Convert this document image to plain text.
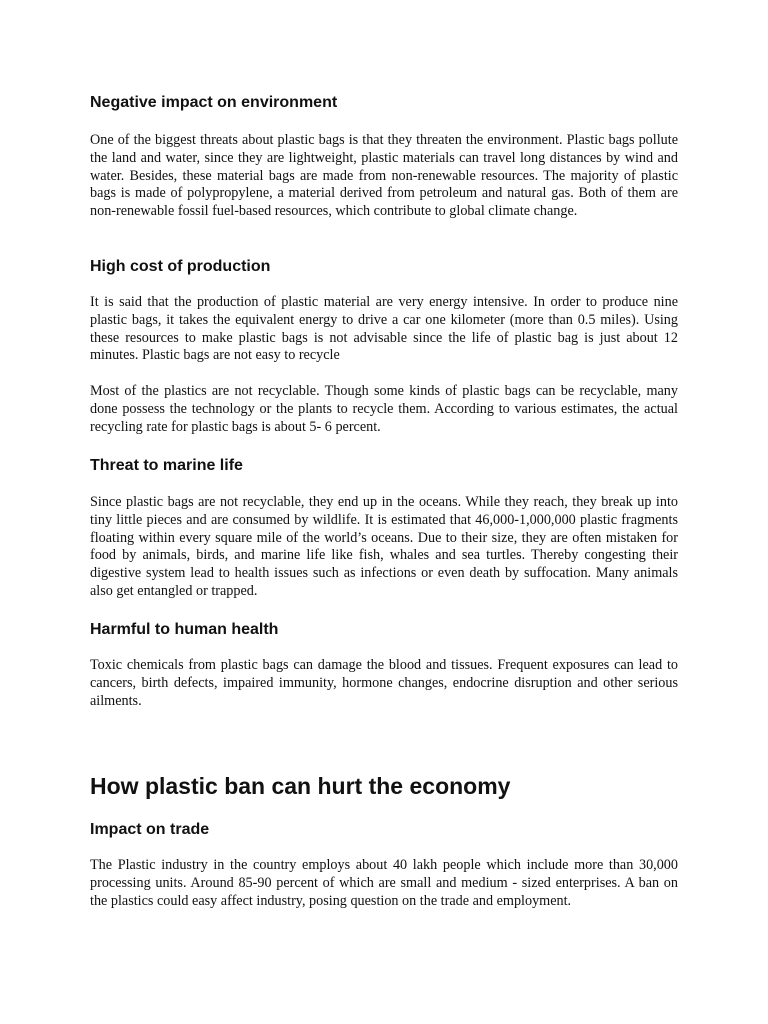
Negative impact on environment

One of the biggest threats about plastic bags is that they threaten the environment. Plastic bags pollute the land and water, since they are lightweight, plastic materials can travel long distances by wind and water. Besides, these material bags are made from non-renewable resources. The majority of plastic bags is made of polypropylene, a material derived from petroleum and natural gas. Both of them are non-renewable fossil fuel-based resources, which contribute to global climate change.

High cost of production

It is said that the production of plastic material are very energy intensive. In order to produce nine plastic bags, it takes the equivalent energy to drive a car one kilometer (more than 0.5 miles). Using these resources to make plastic bags is not advisable since the life of plastic bag is just about 12 minutes. Plastic bags are not easy to recycle

Most of the plastics are not recyclable. Though some kinds of plastic bags can be recyclable, many done possess the technology or the plants to recycle them. According to various estimates, the actual recycling rate for plastic bags is about 5- 6 percent.

Threat to marine life

Since plastic bags are not recyclable, they end up in the oceans. While they reach, they break up into tiny little pieces and are consumed by wildlife. It is estimated that 46,000-1,000,000 plastic fragments floating within every square mile of the world’s oceans. Due to their size, they are often mistaken for food by animals, birds, and marine life like fish, whales and sea turtles. Thereby congesting their digestive system lead to health issues such as infections or even death by suffocation. Many animals also get entangled or trapped.

Harmful to human health

Toxic chemicals from plastic bags can damage the blood and tissues. Frequent exposures can lead to cancers, birth defects, impaired immunity, hormone changes, endocrine disruption and other serious ailments.

How plastic ban can hurt the economy
Impact on trade

The Plastic industry in the country employs about 40 lakh people which include more than 30,000 processing units. Around 85-90 percent of which are small and medium - sized enterprises. A ban on the plastics could easy affect industry, posing question on the trade and employment.
